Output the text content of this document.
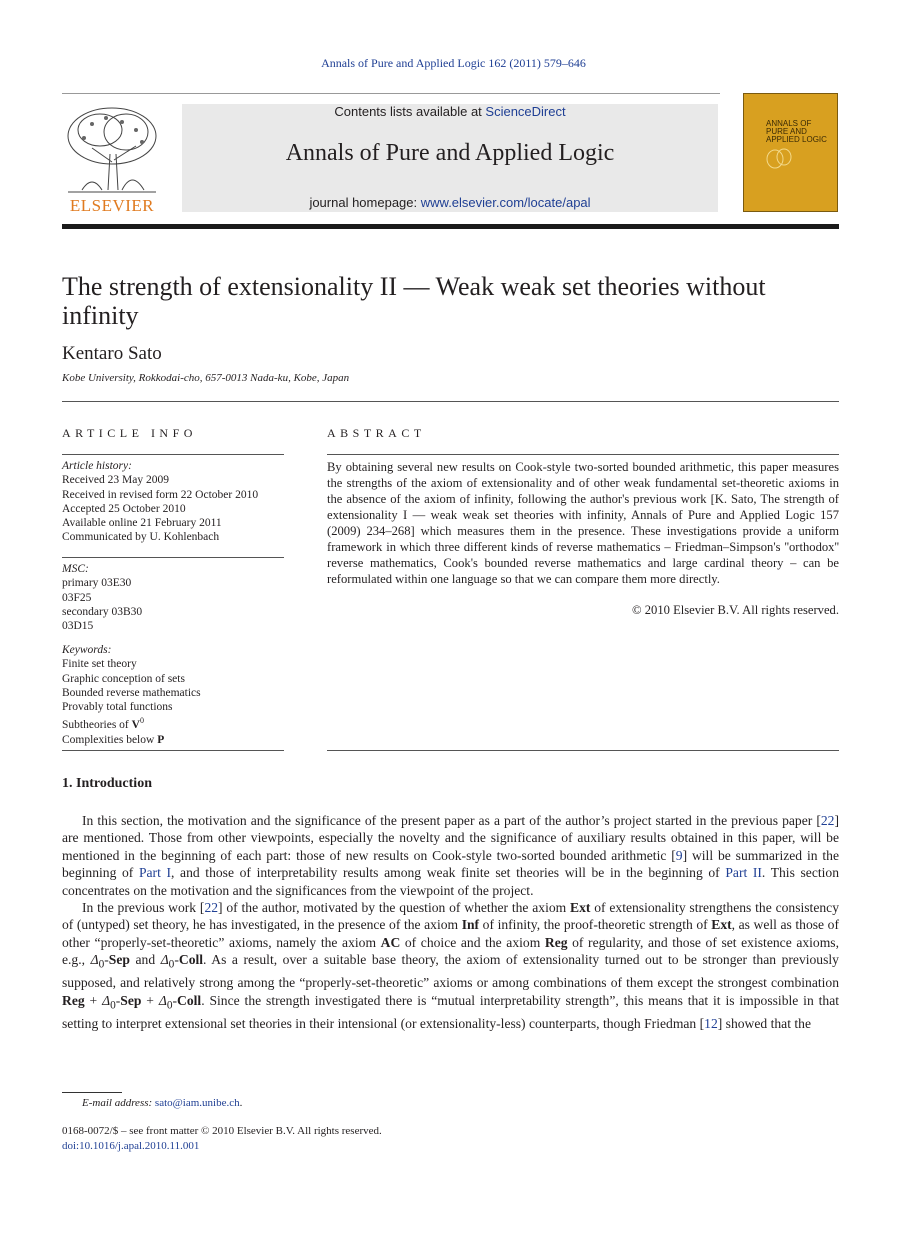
Annals of Pure and Applied Logic 162 (2011) 579–646
ELSEVIER
Contents lists available at ScienceDirect
Annals of Pure and Applied Logic
journal homepage: www.elsevier.com/locate/apal
ANNALS OF
PURE AND
APPLIED LOGIC
The strength of extensionality II — Weak weak set theories without infinity
Kentaro Sato
Kobe University, Rokkodai-cho, 657-0013 Nada-ku, Kobe, Japan
ARTICLE INFO	ABSTRACT
Article history:
Received 23 May 2009
Received in revised form 22 October 2010
Accepted 25 October 2010
Available online 21 February 2011
Communicated by U. Kohlenbach
MSC:
primary 03E30
03F25
secondary 03B30
03D15
Keywords:
Finite set theory
Graphic conception of sets
Bounded reverse mathematics
Provably total functions
Subtheories of $V^0$
Complexities below P
By obtaining several new results on Cook-style two-sorted bounded arithmetic, this paper measures the strengths of the axiom of extensionality and of other weak fundamental set-theoretic axioms in the absence of the axiom of infinity, following the author's previous work [K. Sato, The strength of extensionality I — weak weak set theories with infinity, Annals of Pure and Applied Logic 157 (2009) 234–268] which measures them in the presence. These investigations provide a uniform framework in which three different kinds of reverse mathematics – Friedman–Simpson's ''orthodox'' reverse mathematics, Cook's bounded reverse mathematics and large cardinal theory – can be reformulated within one language so that we can compare them more directly.
© 2010 Elsevier B.V. All rights reserved.
1. Introduction

In this section, the motivation and the significance of the present paper as a part of the author’s project started in the previous paper [22] are mentioned. Those from other viewpoints, especially the novelty and the significance of auxiliary results obtained in this paper, will be mentioned in the beginning of each part: those of new results on Cook-style two-sorted bounded arithmetic [9] will be summarized in the beginning of Part I, and those of interpretability results among weak finite set theories will be in the beginning of Part II. This section concentrates on the motivation and the significances from the viewpoint of the project.

In the previous work [22] of the author, motivated by the question of whether the axiom Ext of extensionality strengthens the consistency of (untyped) set theory, he has investigated, in the presence of the axiom Inf of infinity, the proof-theoretic strength of Ext, as well as those of other “properly-set-theoretic” axioms, namely the axiom AC of choice and the axiom Reg of regularity, and those of set existence axioms, e.g., $\Delta_0$-Sep and $\Delta_0$-Coll. As a result, over a suitable base theory, the axiom of extensionality turned out to be stronger than previously supposed, and relatively strong among the “properly-set-theoretic” axioms or among combinations of them except the strongest combination Reg + $\Delta_0$-Sep + $\Delta_0$-Coll. Since the strength investigated there is “mutual interpretability strength”, this means that it is impossible in that setting to interpret extensional set theories in their intensional (or extensionality-less) counterparts, though Friedman [12] showed that the

E-mail address: sato@iam.unibe.ch.
0168-0072/$ – see front matter © 2010 Elsevier B.V. All rights reserved.
doi:10.1016/j.apal.2010.11.001
